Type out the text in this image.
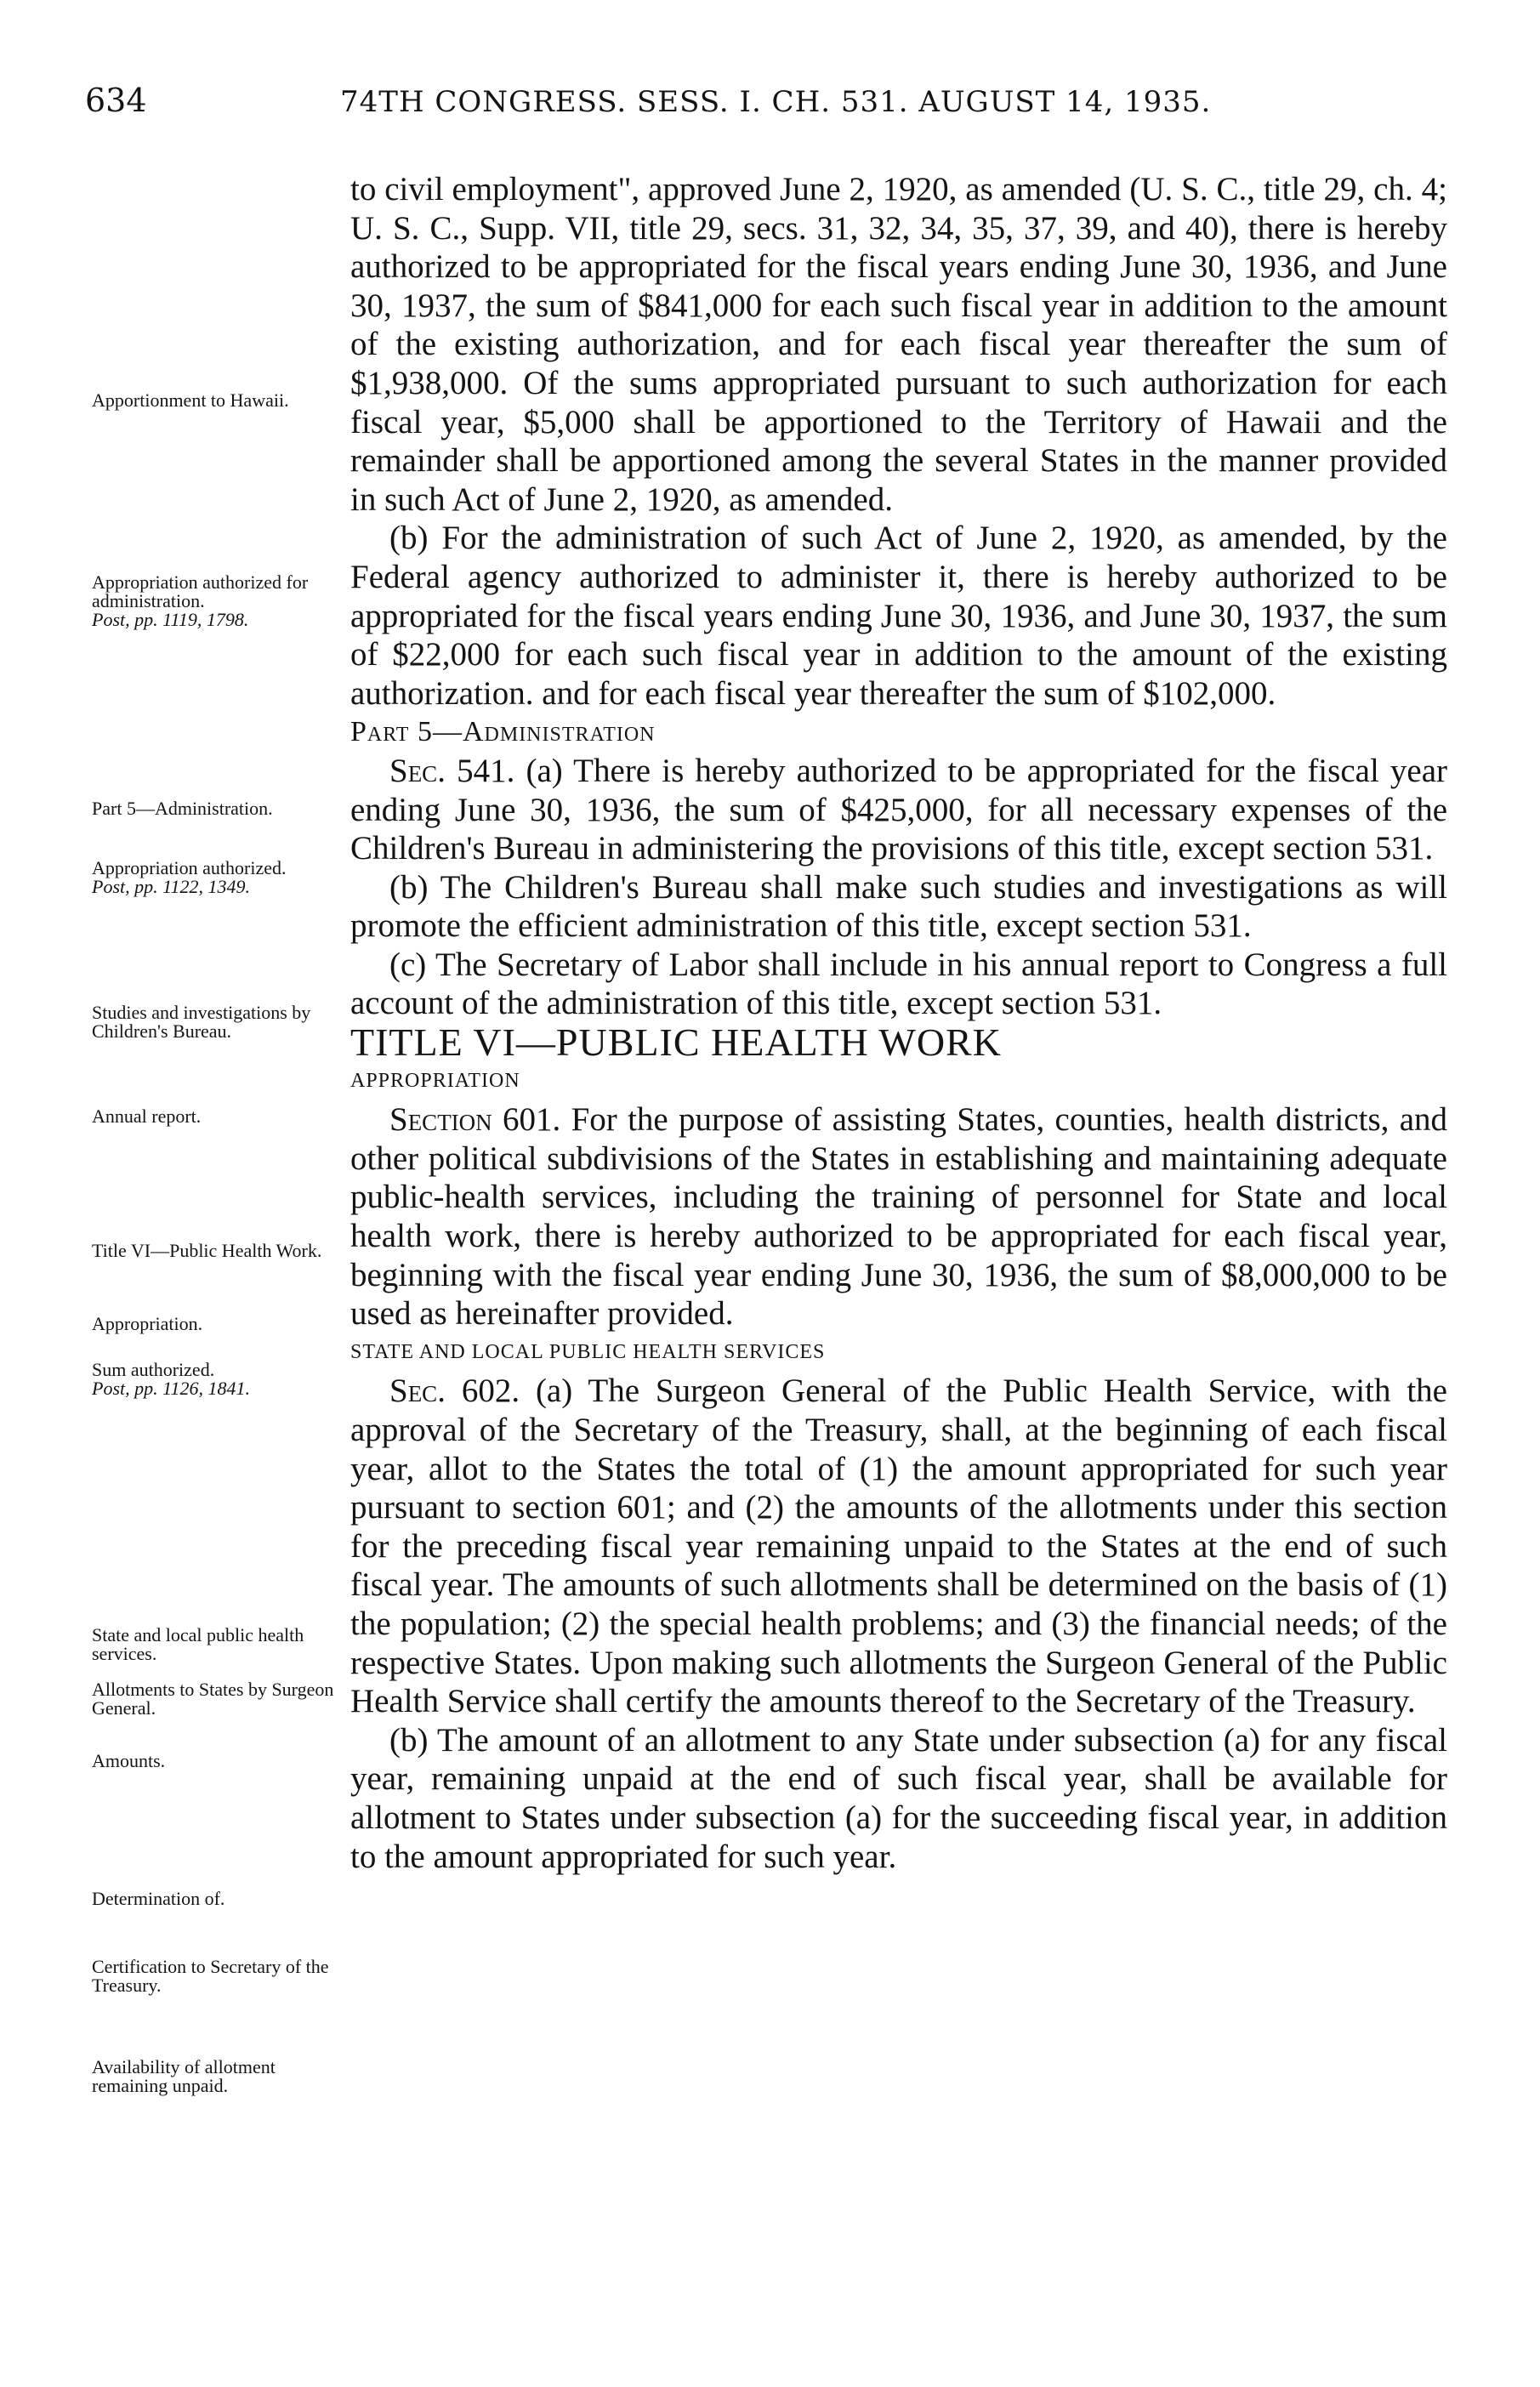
634	74TH CONGRESS. SESS. I. CH. 531. AUGUST 14, 1935.
Apportionment to Hawaii.
Appropriation authorized for administration.
Post, pp. 1119, 1798.
Part 5—Administration.
Appropriation authorized.
Post, pp. 1122, 1349.
Studies and investigations by Children's Bureau.
Annual report.
Title VI—Public Health Work.
Appropriation.
Sum authorized.
Post, pp. 1126, 1841.
State and local public health services.
Allotments to States by Surgeon General.
Amounts.
Determination of.
Certification to Secretary of the Treasury.
Availability of allotment remaining unpaid.

to civil employment", approved June 2, 1920, as amended (U. S. C., title 29, ch. 4; U. S. C., Supp. VII, title 29, secs. 31, 32, 34, 35, 37, 39, and 40), there is hereby authorized to be appropriated for the fiscal years ending June 30, 1936, and June 30, 1937, the sum of $841,000 for each such fiscal year in addition to the amount of the existing authorization, and for each fiscal year thereafter the sum of $1,938,000. Of the sums appropriated pursuant to such authorization for each fiscal year, $5,000 shall be apportioned to the Territory of Hawaii and the remainder shall be apportioned among the several States in the manner provided in such Act of June 2, 1920, as amended.

(b) For the administration of such Act of June 2, 1920, as amended, by the Federal agency authorized to administer it, there is hereby authorized to be appropriated for the fiscal years ending June 30, 1936, and June 30, 1937, the sum of $22,000 for each such fiscal year in addition to the amount of the existing authorization. and for each fiscal year thereafter the sum of $102,000.

Part 5—Administration

Sec. 541. (a) There is hereby authorized to be appropriated for the fiscal year ending June 30, 1936, the sum of $425,000, for all necessary expenses of the Children's Bureau in administering the provisions of this title, except section 531.

(b) The Children's Bureau shall make such studies and investigations as will promote the efficient administration of this title, except section 531.

(c) The Secretary of Labor shall include in his annual report to Congress a full account of the administration of this title, except section 531.

TITLE VI—PUBLIC HEALTH WORK

APPROPRIATION

Section 601. For the purpose of assisting States, counties, health districts, and other political subdivisions of the States in establishing and maintaining adequate public-health services, including the training of personnel for State and local health work, there is hereby authorized to be appropriated for each fiscal year, beginning with the fiscal year ending June 30, 1936, the sum of $8,000,000 to be used as hereinafter provided.

STATE AND LOCAL PUBLIC HEALTH SERVICES

Sec. 602. (a) The Surgeon General of the Public Health Service, with the approval of the Secretary of the Treasury, shall, at the beginning of each fiscal year, allot to the States the total of (1) the amount appropriated for such year pursuant to section 601; and (2) the amounts of the allotments under this section for the preceding fiscal year remaining unpaid to the States at the end of such fiscal year. The amounts of such allotments shall be determined on the basis of (1) the population; (2) the special health problems; and (3) the financial needs; of the respective States. Upon making such allotments the Surgeon General of the Public Health Service shall certify the amounts thereof to the Secretary of the Treasury.

(b) The amount of an allotment to any State under subsection (a) for any fiscal year, remaining unpaid at the end of such fiscal year, shall be available for allotment to States under subsection (a) for the succeeding fiscal year, in addition to the amount appropriated for such year.
